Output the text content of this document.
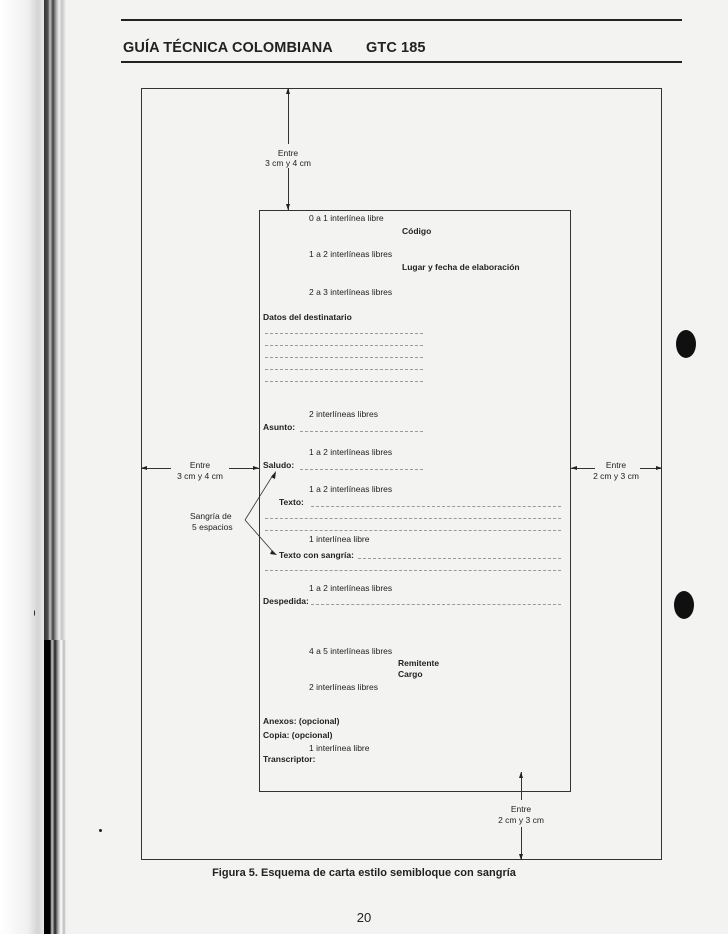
GUÍA TÉCNICA COLOMBIANA GTC 185
Entre
3 cm y 4 cm
Entre
3 cm y 4 cm
Entre
2 cm y 3 cm
Entre
2 cm y 3 cm
Sangría de
5 espacios
0 a 1 interlínea libre
Código
1 a 2 interlíneas libres
Lugar y fecha de elaboración
2 a 3 interlíneas libres
Datos del destinatario
2 interlíneas libres
Asunto:
1 a 2 interlíneas libres
Saludo:
1 a 2 interlíneas libres
Texto:
1 interlínea libre
Texto con sangría:
1 a 2 interlíneas libres
Despedida:
4 a 5 interlíneas libres
Remitente
Cargo
2 interlíneas libres
Anexos: (opcional)
Copia: (opcional)
1 interlínea libre
Transcriptor:
Figura 5. Esquema de carta estilo semibloque con sangría
20
